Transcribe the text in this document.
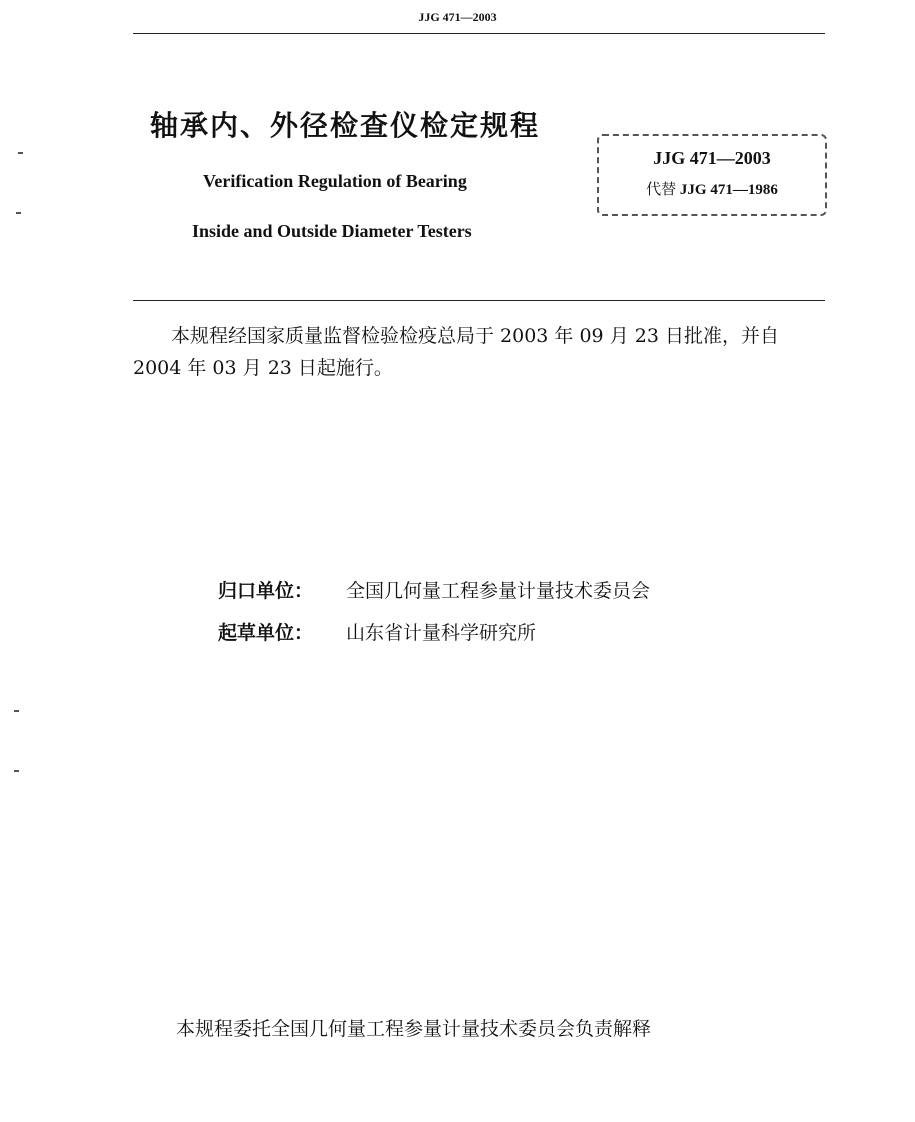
JJG 471—2003
轴承内、外径检查仪检定规程
Verification Regulation of Bearing
Inside and Outside Diameter Testers
JJG 471—2003
代替 JJG 471—1986
本规程经国家质量监督检验检疫总局于 2003 年 09 月 23 日批准，并自 2004 年 03 月 23 日起施行。
归口单位： 全国几何量工程参量计量技术委员会
起草单位： 山东省计量科学研究所
本规程委托全国几何量工程参量计量技术委员会负责解释
